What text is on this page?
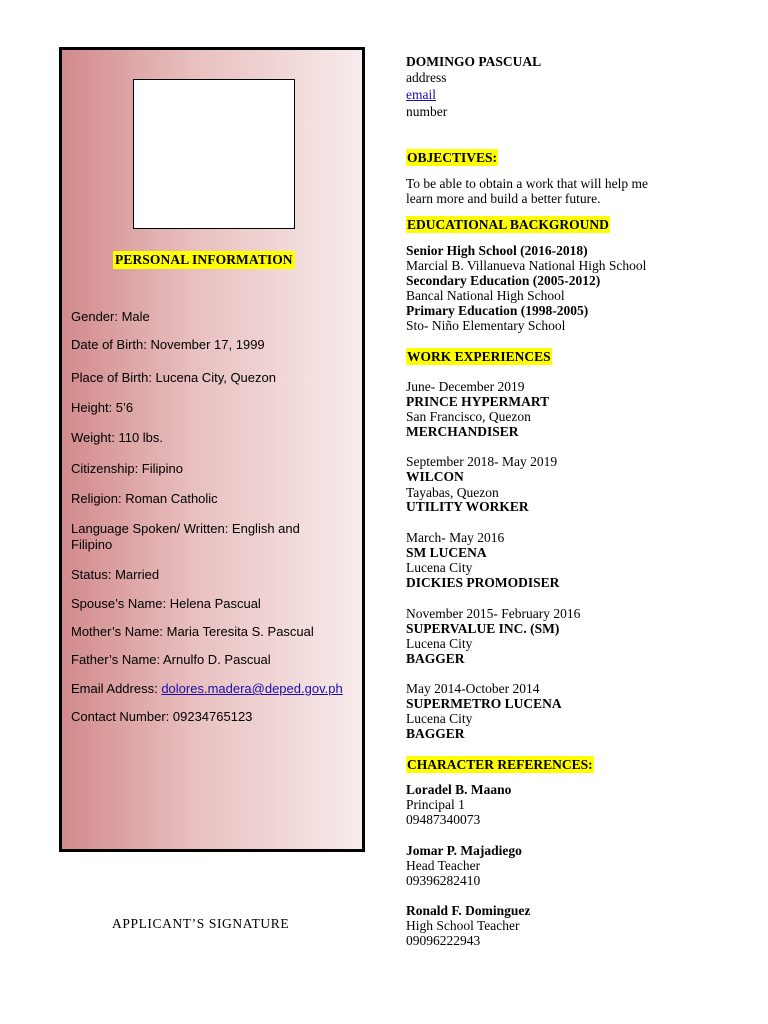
PERSONAL INFORMATION
Gender: Male
Date of Birth: November 17, 1999
Place of Birth: Lucena City, Quezon
Height: 5’6
Weight: 110 lbs.
Citizenship: Filipino
Religion: Roman Catholic
Language Spoken/ Written: English and Filipino
Status: Married
Spouse’s Name: Helena Pascual
Mother’s Name: Maria Teresita S. Pascual
Father’s Name: Arnulfo D. Pascual
Email Address: dolores.madera@deped.gov.ph
Contact Number: 09234765123
APPLICANT’S SIGNATURE
DOMINGO PASCUAL
address
email
number
OBJECTIVES:
To be able to obtain a work that will help me
learn more and build a better future.
EDUCATIONAL BACKGROUND
Senior High School (2016-2018)
Marcial B. Villanueva National High School
Secondary Education (2005-2012)
Bancal National High School
Primary Education (1998-2005)
Sto- Niño Elementary School
WORK EXPERIENCES
June- December 2019
PRINCE HYPERMART
San Francisco, Quezon
MERCHANDISER
September 2018- May 2019
WILCON
Tayabas, Quezon
UTILITY WORKER
March- May 2016
SM LUCENA
Lucena City
DICKIES PROMODISER
November 2015- February 2016
SUPERVALUE INC. (SM)
Lucena City
BAGGER
May 2014-October 2014
SUPERMETRO LUCENA
Lucena City
BAGGER
CHARACTER REFERENCES:
Loradel B. Maano
Principal 1
09487340073
Jomar P. Majadiego
Head Teacher
09396282410
Ronald F. Dominguez
High School Teacher
09096222943
